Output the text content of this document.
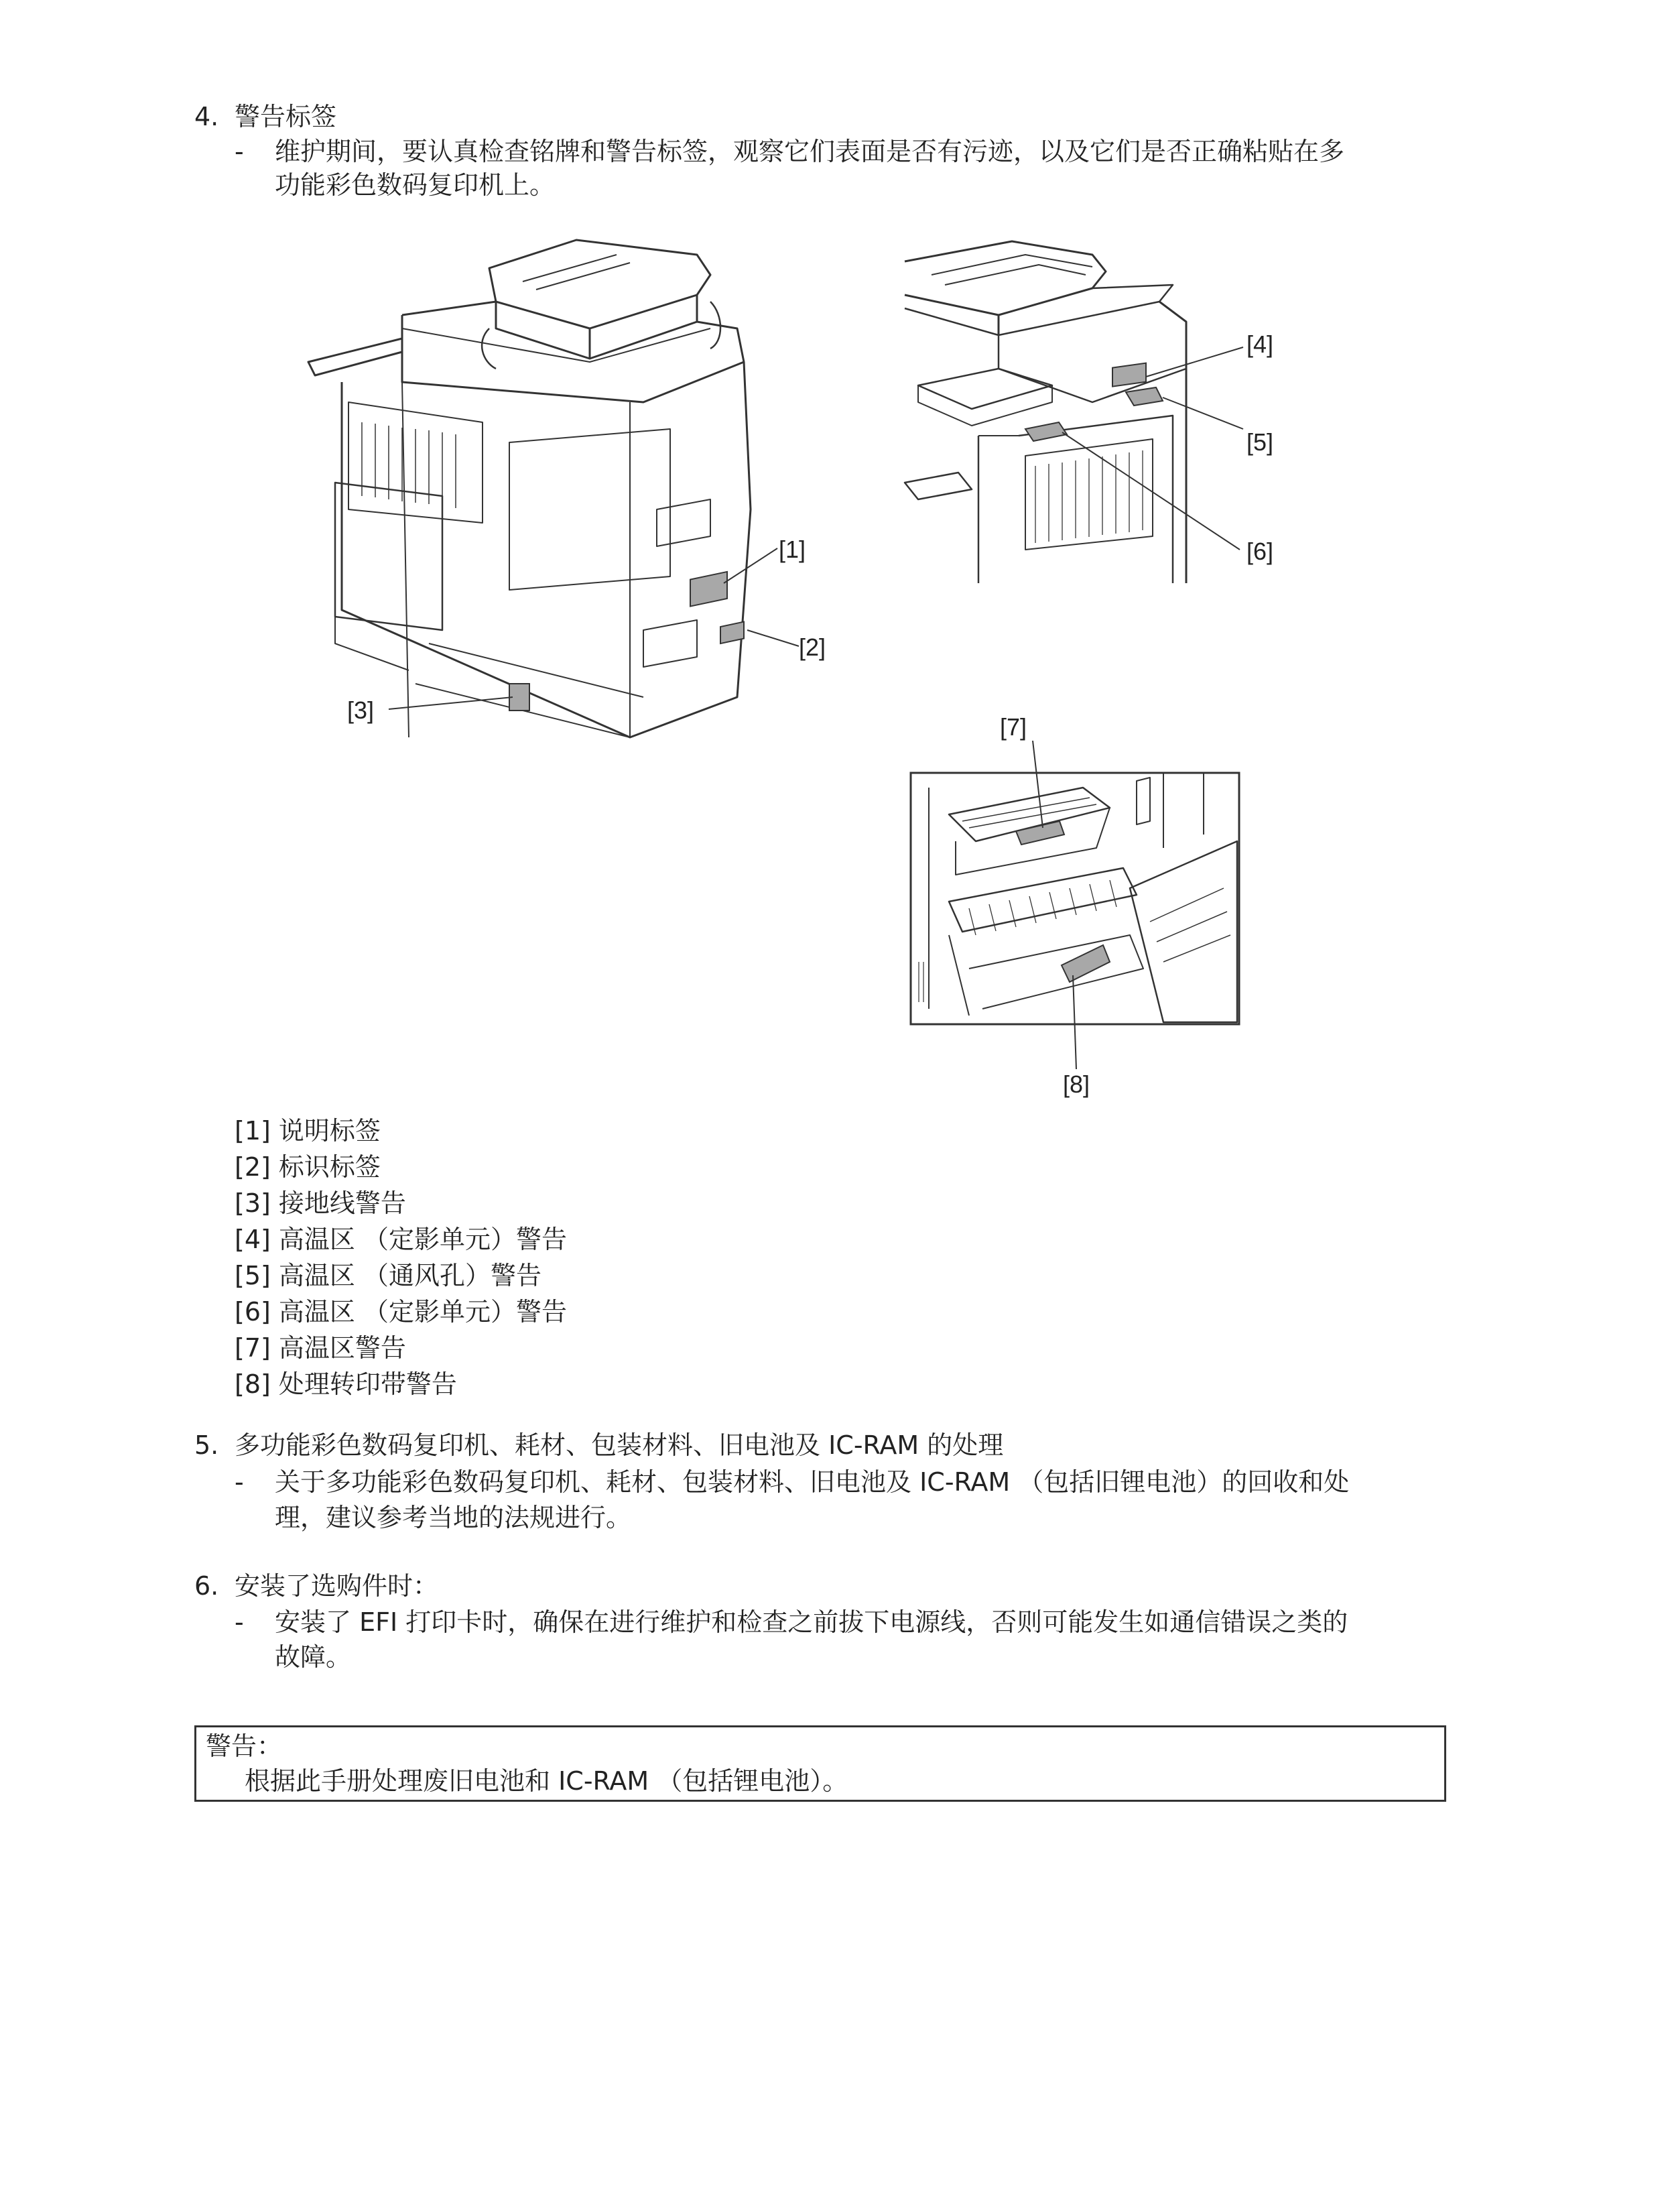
4. 警告标签
- 维护期间，要认真检查铭牌和警告标签，观察它们表面是否有污迹，以及它们是否正确粘贴在多
功能彩色数码复印机上。
[1]
[2]
[3]
[4]
[5]
[6]
[7]
[8]
[1] 说明标签
[2] 标识标签
[3] 接地线警告
[4] 高温区 （定影单元）警告
[5] 高温区 （通风孔）警告
[6] 高温区 （定影单元）警告
[7] 高温区警告
[8] 处理转印带警告
5. 多功能彩色数码复印机、耗材、包装材料、旧电池及 IC-RAM 的处理
- 关于多功能彩色数码复印机、耗材、包装材料、旧电池及 IC-RAM （包括旧锂电池）的回收和处
理，建议参考当地的法规进行。
6. 安装了选购件时：
- 安装了 EFI 打印卡时，确保在进行维护和检查之前拔下电源线，否则可能发生如通信错误之类的
故障。
警告：
根据此手册处理废旧电池和 IC-RAM （包括锂电池）。
